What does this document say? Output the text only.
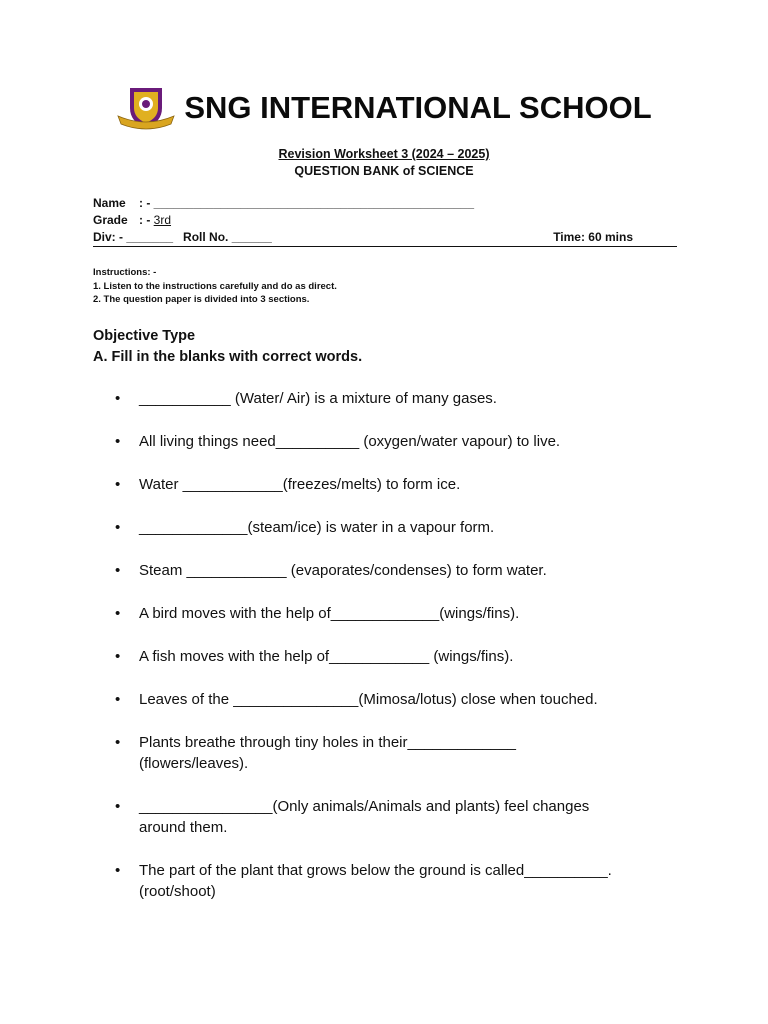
SNG INTERNATIONAL SCHOOL
Revision Worksheet 3 (2024 – 2025)
QUESTION BANK of SCIENCE
Name : - ________________________________________________
Grade : - 3rd
Div: - _______   Roll No. ______	Time: 60 mins
Instructions: -
1. Listen to the instructions carefully and do as direct.
2. The question paper is divided into 3 sections.
Objective Type
A. Fill in the blanks with correct words.
• ___________ (Water/ Air) is a mixture of many gases.
• All living things need__________ (oxygen/water vapour) to live.
• Water ____________(freezes/melts) to form ice.
• _____________(steam/ice) is water in a vapour form.
• Steam ____________ (evaporates/condenses) to form water.
• A bird moves with the help of_____________(wings/fins).
• A fish moves with the help of____________ (wings/fins).
• Leaves of the _______________(Mimosa/lotus) close when touched.
• Plants breathe through tiny holes in their_____________
(flowers/leaves).
• ________________(Only animals/Animals and plants) feel changes
around them.
• The part of the plant that grows below the ground is called__________.
(root/shoot)
